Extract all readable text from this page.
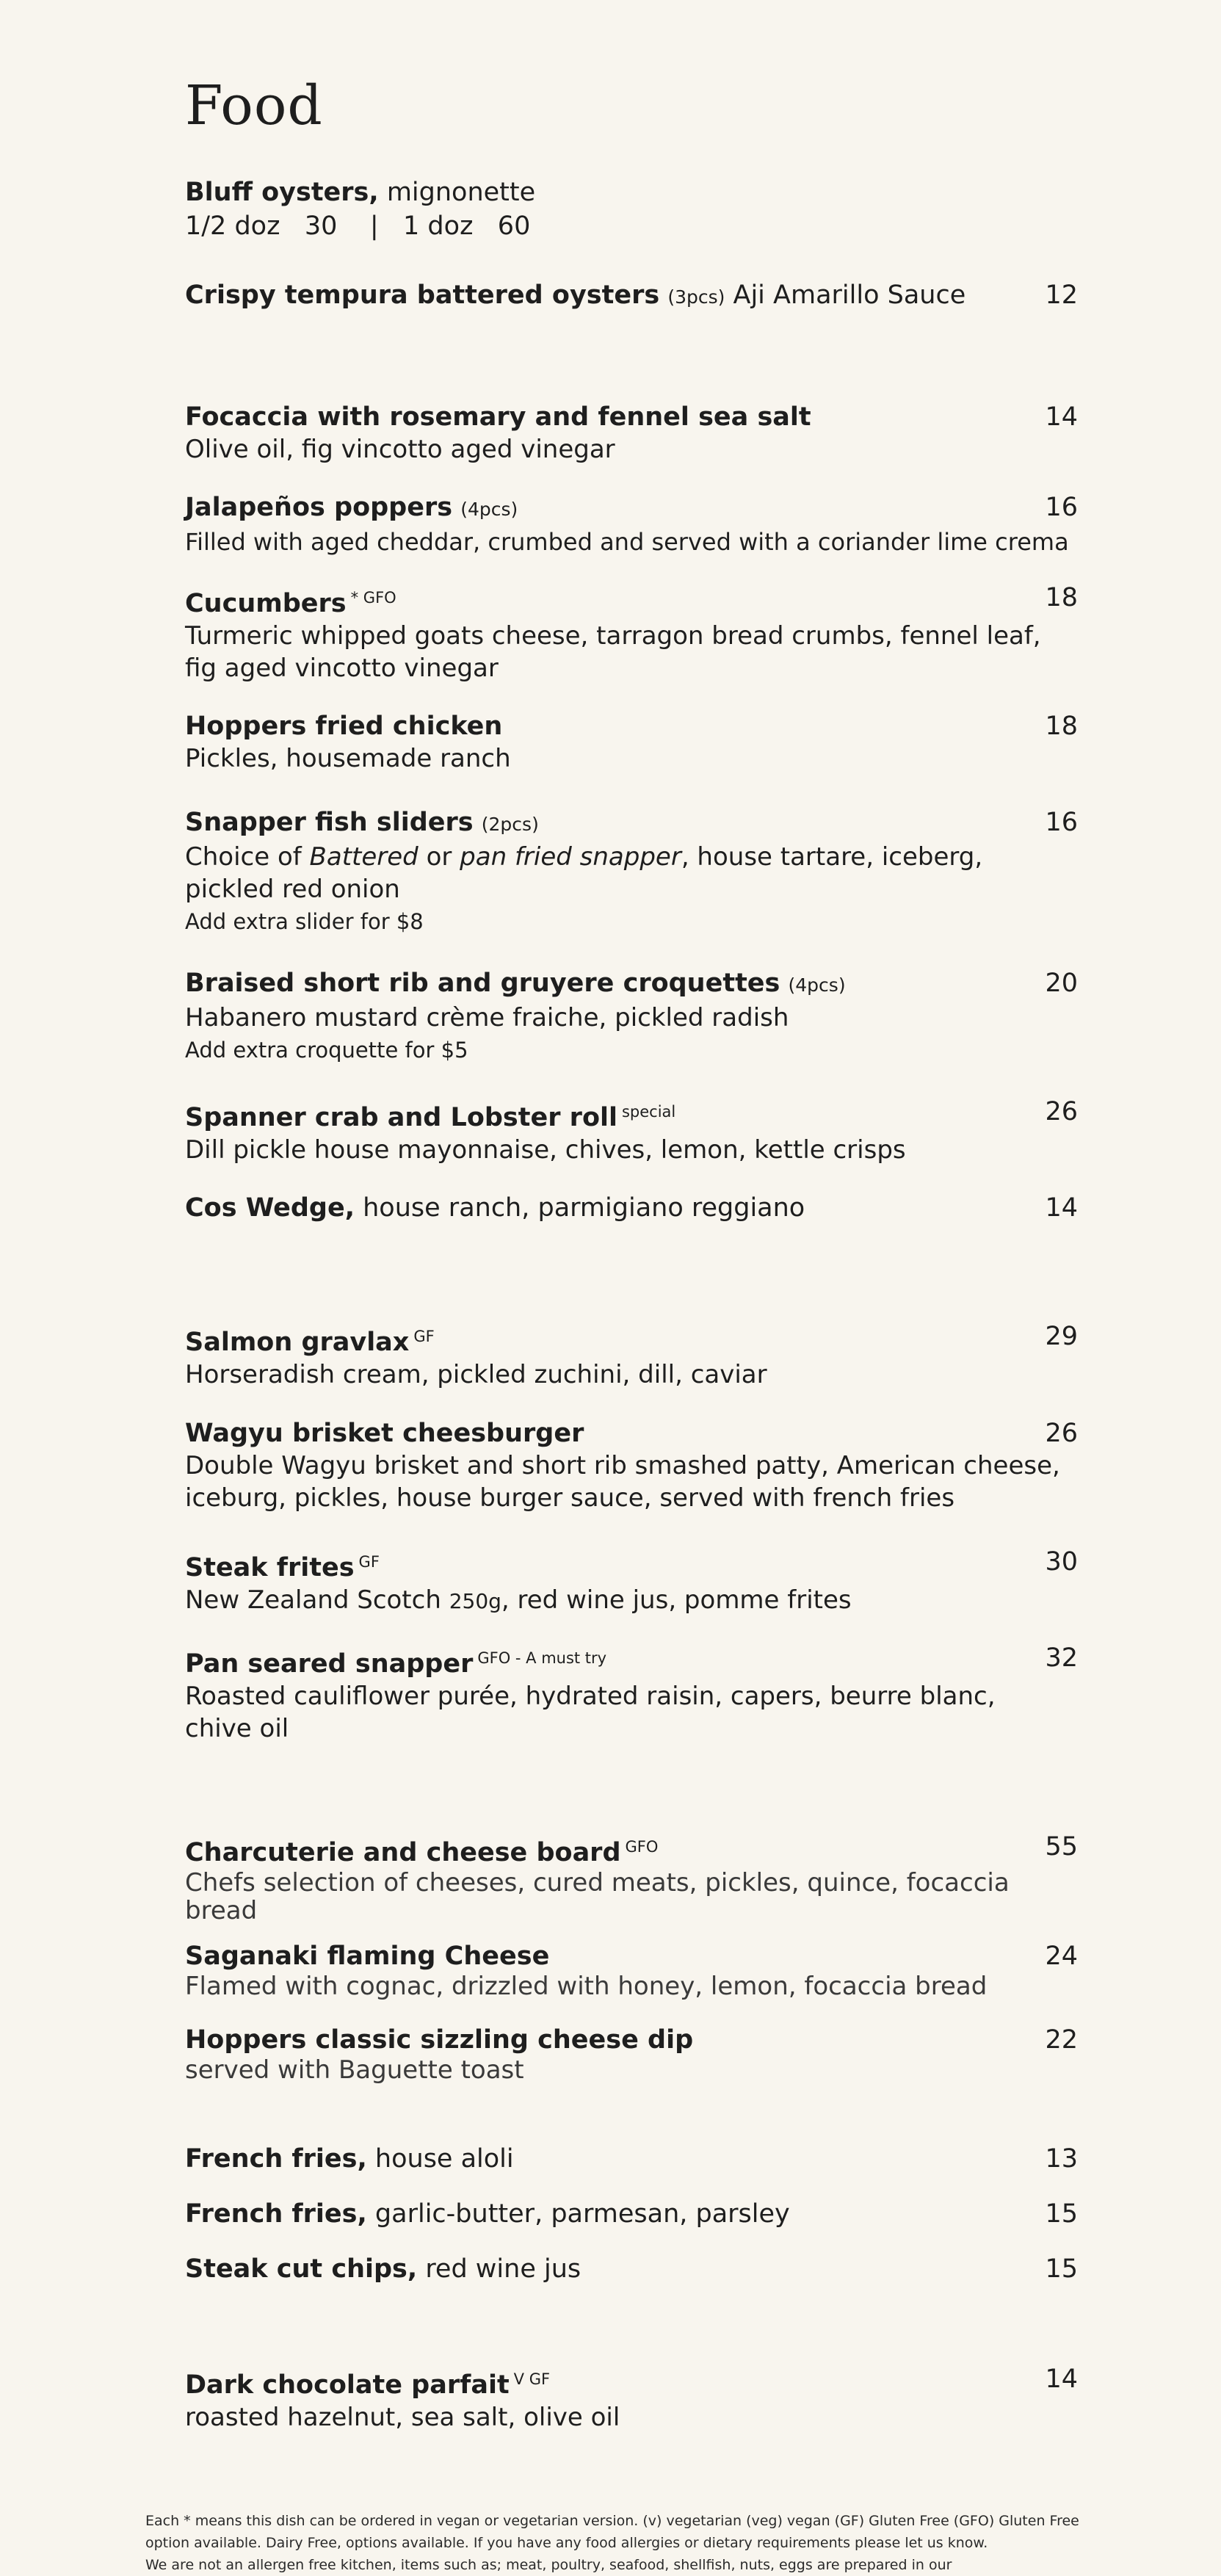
Food
Bluff oysters, mignonette
1/2 doz   30    |   1 doz   60
Crispy tempura battered oysters (3pcs) Aji Amarillo Sauce	12
Focaccia with rosemary and fennel sea salt	14
Olive oil, fig vincotto aged vinegar
Jalapeños poppers (4pcs)	16
Filled with aged cheddar, crumbed and served with a coriander lime crema
Cucumbers $^{* GFO}$	18
Turmeric whipped goats cheese, tarragon bread crumbs, fennel leaf,
fig aged vincotto vinegar
Hoppers fried chicken	18
Pickles, housemade ranch
Snapper fish sliders (2pcs)	16
Choice of Battered or pan fried snapper, house tartare, iceberg,
pickled red onion
Add extra slider for $8
Braised short rib and gruyere croquettes (4pcs)	20
Habanero mustard crème fraiche, pickled radish
Add extra croquette for $5
Spanner crab and Lobster roll $^{special}$	26
Dill pickle house mayonnaise, chives, lemon, kettle crisps
Cos Wedge, house ranch, parmigiano reggiano	14
Salmon gravlax $^{GF}$	29
Horseradish cream, pickled zuchini, dill, caviar
Wagyu brisket cheesburger	26
Double Wagyu brisket and short rib smashed patty, American cheese,
iceburg, pickles, house burger sauce, served with french fries
Steak frites $^{GF}$	30
New Zealand Scotch 250g, red wine jus, pomme frites
Pan seared snapper $^{GFO - A must try}$	32
Roasted cauliflower purée, hydrated raisin, capers, beurre blanc,
chive oil
Charcuterie and cheese board $^{GFO}$	55
Chefs selection of cheeses, cured meats, pickles, quince, focaccia
bread
Saganaki flaming Cheese	24
Flamed with cognac, drizzled with honey, lemon, focaccia bread
Hoppers classic sizzling cheese dip	22
served with Baguette toast
French fries, house aloli	13
French fries, garlic-butter, parmesan, parsley	15
Steak cut chips, red wine jus	15
Dark chocolate parfait $^{V GF}$	14
roasted hazelnut, sea salt, olive oil
Each * means this dish can be ordered in vegan or vegetarian version. (v) vegetarian (veg) vegan (GF) Gluten Free (GFO) Gluten Free
option available. Dairy Free, options available. If you have any food allergies or dietary requirements please let us know.
We are not an allergen free kitchen, items such as; meat, poultry, seafood, shellfish, nuts, eggs are prepared in our
